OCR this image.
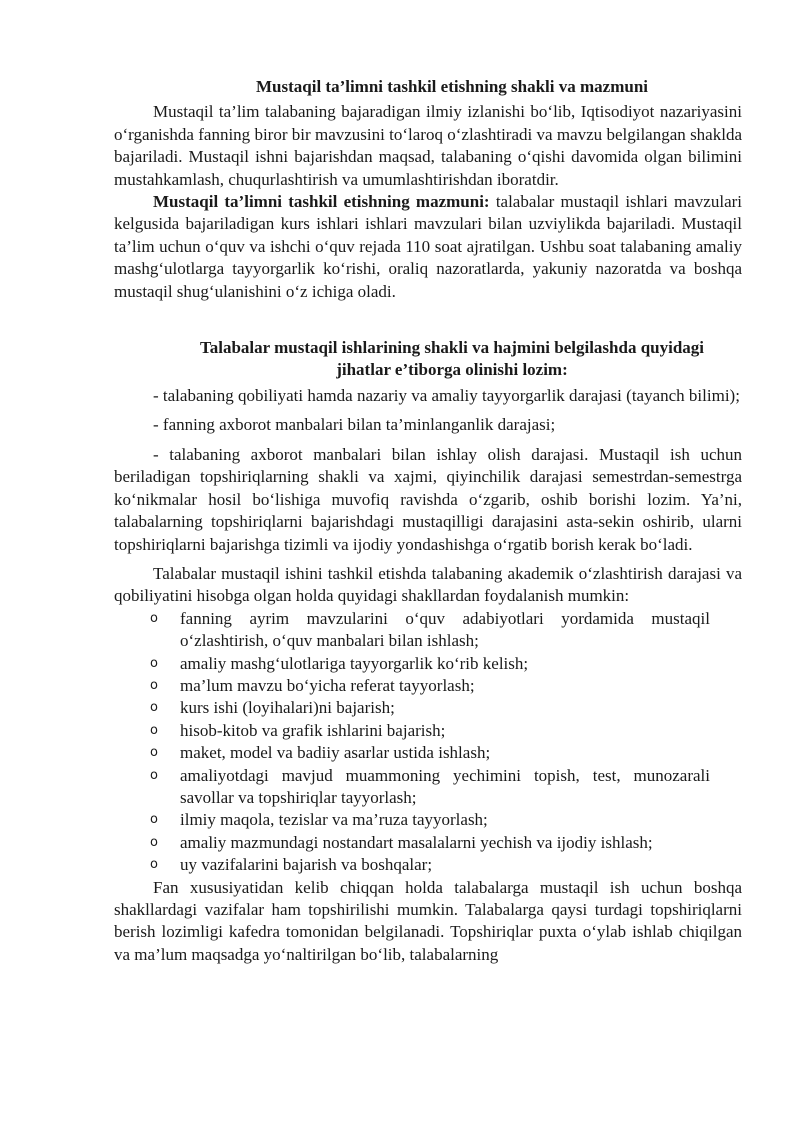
Mustaqil ta’limni tashkil etishning shakli va mazmuni

Mustaqil ta’lim talabaning bajaradigan ilmiy izlanishi bo‘lib, Iqtisodiyot nazariyasini o‘rganishda fanning biror bir mavzusini to‘laroq o‘zlashtiradi va mavzu belgilangan shaklda bajariladi. Mustaqil ishni bajarishdan maqsad, talabaning o‘qishi davomida olgan bilimini mustahkamlash, chuqurlashtirish va umumlashtirishdan iboratdir.

Mustaqil ta’limni tashkil etishning mazmuni: talabalar mustaqil ishlari mavzulari kelgusida bajariladigan kurs ishlari ishlari mavzulari bilan uzviylikda bajariladi. Mustaqil ta’lim uchun o‘quv va ishchi o‘quv rejada 110 soat ajratilgan. Ushbu soat talabaning amaliy mashg‘ulotlarga tayyorgarlik ko‘rishi, oraliq nazoratlarda, yakuniy nazoratda va boshqa mustaqil shug‘ulanishini o‘z ichiga oladi.

Talabalar mustaqil ishlarining shakli va hajmini belgilashda quyidagi
jihatlar e’tiborga olinishi lozim:

- talabaning qobiliyati hamda nazariy va amaliy tayyorgarlik darajasi (tayanch bilimi);

- fanning axborot manbalari bilan ta’minlanganlik darajasi;

- talabaning axborot manbalari bilan ishlay olish darajasi. Mustaqil ish uchun beriladigan topshiriqlarning shakli va xajmi, qiyinchilik darajasi semestrdan-semestrga ko‘nikmalar hosil bo‘lishiga muvofiq ravishda o‘zgarib, oshib borishi lozim. Ya’ni, talabalarning topshiriqlarni bajarishdagi mustaqilligi darajasini asta-sekin oshirib, ularni topshiriqlarni bajarishga tizimli va ijodiy yondashishga o‘rgatib borish kerak bo‘ladi.

Talabalar mustaqil ishini tashkil etishda talabaning akademik o‘zlashtirish darajasi va qobiliyatini hisobga olgan holda quyidagi shakllardan foydalanish mumkin:

o fanning ayrim mavzularini o‘quv adabiyotlari yordamida mustaqil o‘zlashtirish, o‘quv manbalari bilan ishlash;
o amaliy mashg‘ulotlariga tayyorgarlik ko‘rib kelish;
o ma’lum mavzu bo‘yicha referat tayyorlash;
o kurs ishi (loyihalari)ni bajarish;
o hisob-kitob va grafik ishlarini bajarish;
o maket, model va badiiy asarlar ustida ishlash;
o amaliyotdagi mavjud muammoning yechimini topish, test, munozarali savollar va topshiriqlar tayyorlash;
o ilmiy maqola, tezislar va ma’ruza tayyorlash;
o amaliy mazmundagi nostandart masalalarni yechish va ijodiy ishlash;
o uy vazifalarini bajarish va boshqalar;

Fan xususiyatidan kelib chiqqan holda talabalarga mustaqil ish uchun boshqa shakllardagi vazifalar ham topshirilishi mumkin. Talabalarga qaysi turdagi topshiriqlarni berish lozimligi kafedra tomonidan belgilanadi. Topshiriqlar puxta o‘ylab ishlab chiqilgan va ma’lum maqsadga yo‘naltirilgan bo‘lib, talabalarning
